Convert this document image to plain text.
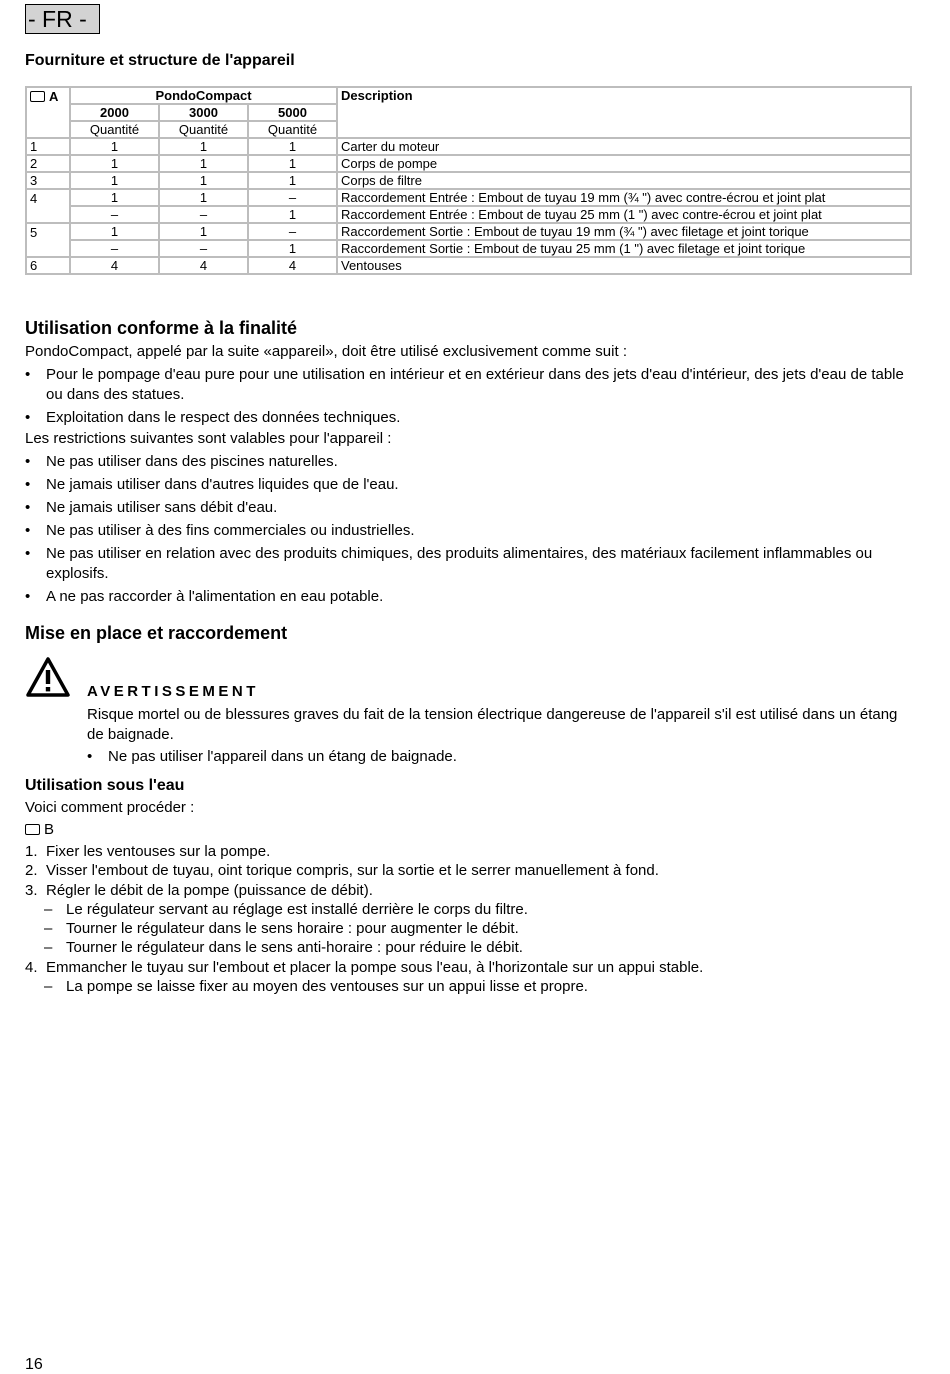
- FR -
Fourniture et structure de l'appareil
A	PondoCompact			Description
	2000	3000	5000	
	Quantité	Quantité	Quantité	
1	1	1	1	Carter du moteur
2	1	1	1	Corps de pompe
3	1	1	1	Corps de filtre
4	1	1	–	Raccordement Entrée : Embout de tuyau 19 mm (¾ ") avec contre-écrou et joint plat
	–	–	1	Raccordement Entrée : Embout de tuyau 25 mm (1 ") avec contre-écrou et joint plat
5	1	1	–	Raccordement Sortie : Embout de tuyau 19 mm (¾ ") avec filetage et joint torique
	–	–	1	Raccordement Sortie : Embout de tuyau 25 mm (1 ") avec filetage et joint torique
6	4	4	4	Ventouses
Utilisation conforme à la finalité
PondoCompact, appelé par la suite «appareil», doit être utilisé exclusivement comme suit :
• Pour le pompage d'eau pure pour une utilisation en intérieur et en extérieur dans des jets d'eau d'intérieur, des jets d'eau de table ou dans des statues.
• Exploitation dans le respect des données techniques.
Les restrictions suivantes sont valables pour l'appareil :
• Ne pas utiliser dans des piscines naturelles.
• Ne jamais utiliser dans d'autres liquides que de l'eau.
• Ne jamais utiliser sans débit d'eau.
• Ne pas utiliser à des fins commerciales ou industrielles.
• Ne pas utiliser en relation avec des produits chimiques, des produits alimentaires, des matériaux facilement inflammables ou explosifs.
• A ne pas raccorder à l'alimentation en eau potable.
Mise en place et raccordement
AVERTISSEMENT
Risque mortel ou de blessures graves du fait de la tension électrique dangereuse de l'appareil s'il est utilisé dans un étang de baignade.
• Ne pas utiliser l'appareil dans un étang de baignade.
Utilisation sous l'eau
Voici comment procéder :
B
1. Fixer les ventouses sur la pompe.
2. Visser l'embout de tuyau, oint torique compris, sur la sortie et le serrer manuellement à fond.
3. Régler le débit de la pompe (puissance de débit).
– Le régulateur servant au réglage est installé derrière le corps du filtre.
– Tourner le régulateur dans le sens horaire : pour augmenter le débit.
– Tourner le régulateur dans le sens anti-horaire : pour réduire le débit.
4. Emmancher le tuyau sur l'embout et placer la pompe sous l'eau, à l'horizontale sur un appui stable.
– La pompe se laisse fixer au moyen des ventouses sur un appui lisse et propre.
16
